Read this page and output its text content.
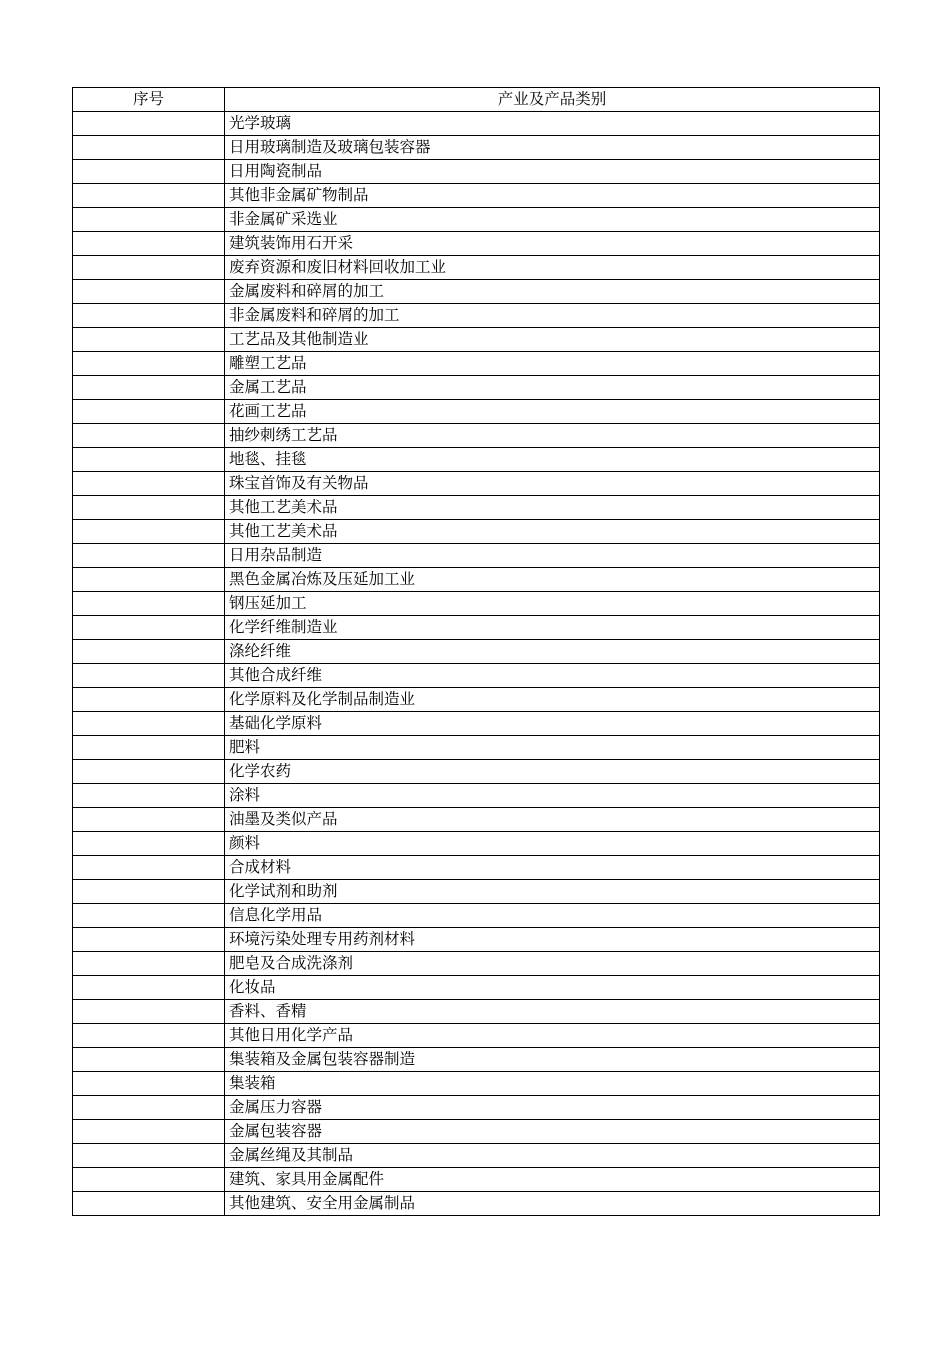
序号	产业及产品类别
	光学玻璃
	日用玻璃制造及玻璃包装容器
	日用陶瓷制品
	其他非金属矿物制品
	非金属矿采选业
	建筑装饰用石开采
	废弃资源和废旧材料回收加工业
	金属废料和碎屑的加工
	非金属废料和碎屑的加工
	工艺品及其他制造业
	雕塑工艺品
	金属工艺品
	花画工艺品
	抽纱刺绣工艺品
	地毯、挂毯
	珠宝首饰及有关物品
	其他工艺美术品
	其他工艺美术品
	日用杂品制造
	黑色金属冶炼及压延加工业
	钢压延加工
	化学纤维制造业
	涤纶纤维
	其他合成纤维
	化学原料及化学制品制造业
	基础化学原料
	肥料
	化学农药
	涂料
	油墨及类似产品
	颜料
	合成材料
	化学试剂和助剂
	信息化学用品
	环境污染处理专用药剂材料
	肥皂及合成洗涤剂
	化妆品
	香料、香精
	其他日用化学产品
	集装箱及金属包装容器制造
	集装箱
	金属压力容器
	金属包装容器
	金属丝绳及其制品
	建筑、家具用金属配件
	其他建筑、安全用金属制品
